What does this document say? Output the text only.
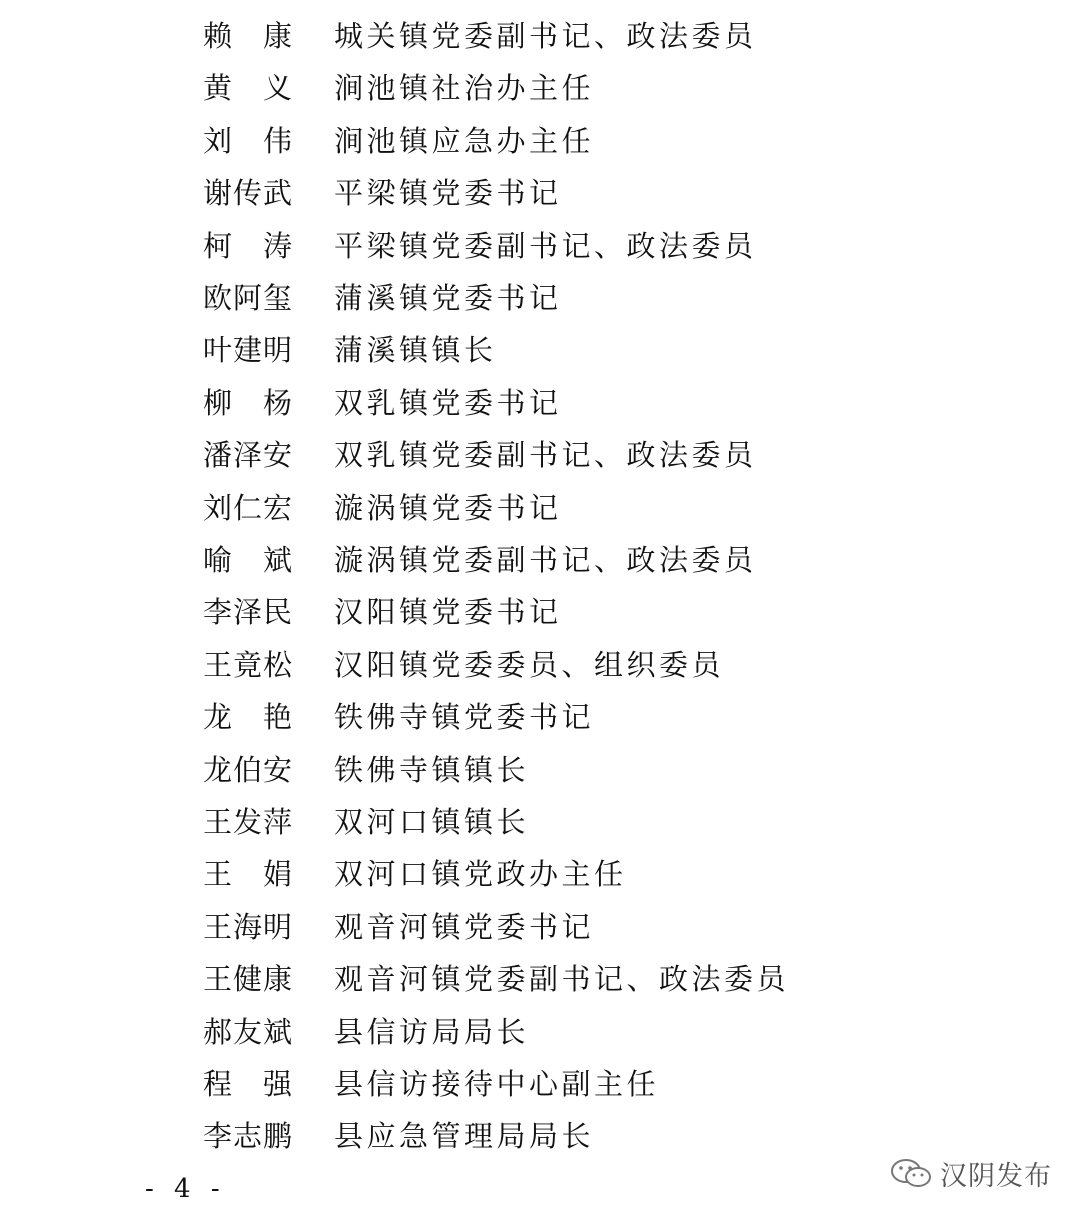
赖　康 城关镇党委副书记、政法委员
黄　义 涧池镇社治办主任
刘　伟 涧池镇应急办主任
谢传武 平梁镇党委书记
柯　涛 平梁镇党委副书记、政法委员
欧阿玺 蒲溪镇党委书记
叶建明 蒲溪镇镇长
柳　杨 双乳镇党委书记
潘泽安 双乳镇党委副书记、政法委员
刘仁宏 漩涡镇党委书记
喻　斌 漩涡镇党委副书记、政法委员
李泽民 汉阳镇党委书记
王竟松 汉阳镇党委委员、组织委员
龙　艳 铁佛寺镇党委书记
龙伯安 铁佛寺镇镇长
王发萍 双河口镇镇长
王　娟 双河口镇党政办主任
王海明 观音河镇党委书记
王健康 观音河镇党委副书记、政法委员
郝友斌 县信访局局长
程　强 县信访接待中心副主任
李志鹏 县应急管理局局长
- 4 -	汉阴发布
